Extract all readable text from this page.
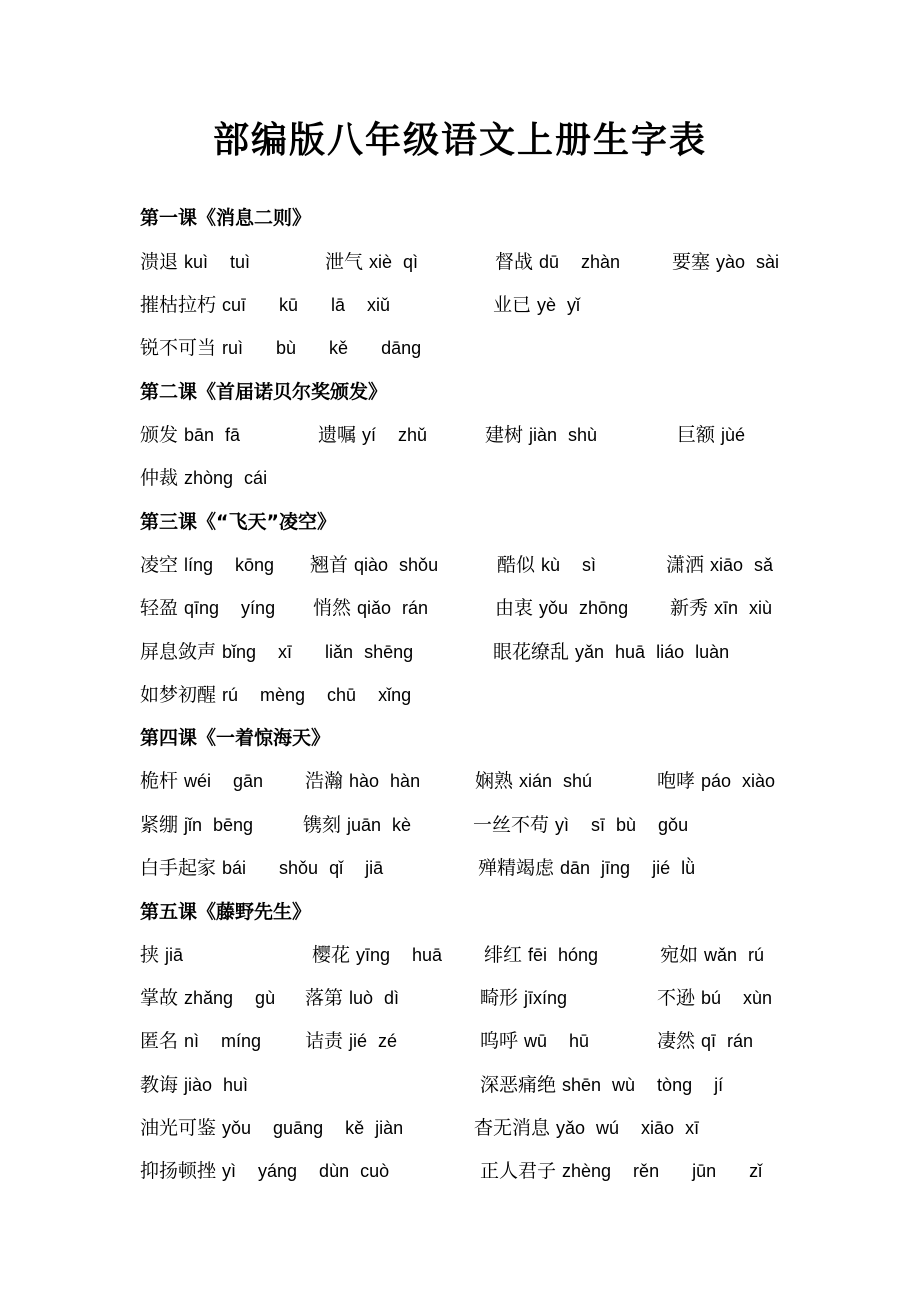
部编版八年级语文上册生字表
第一课《消息二则》
溃退 kuì  tuì	泄气 xiè qì	督战 dū  zhàn	要塞 yào sài
摧枯拉朽 cuī   kū   lā  xiǔ	业已 yè yǐ
锐不可当 ruì   bù   kě   dāng
第二课《首届诺贝尔奖颁发》
颁发 bān fā	遗嘱 yí  zhǔ	建树 jiàn shù	巨额 jùé
仲裁 zhòng cái
第三课《“飞天”凌空》
凌空 líng  kōng 翘首 qiào shǒu	酷似 kù  sì	潇洒 xiāo sǎ
轻盈 qīng  yíng 悄然 qiǎo rán	由衷 yǒu zhōng 新秀 xīn xiù
屏息敛声 bǐng  xī   liǎn shēng	眼花缭乱 yǎn huā liáo luàn
如梦初醒 rú  mèng  chū  xǐng
第四课《一着惊海天》
桅杆 wéi  gān 浩瀚 hào hàn	娴熟 xián shú	咆哮 páo xiào
紧绷 jǐn bēng	镌刻 juān kè	一丝不苟 yì  sī bù  gǒu
白手起家 bái   shǒu qǐ  jiā	殚精竭虑 dān jīng  jié lǜ
第五课《藤野先生》
挟 jiā	樱花 yīng  huā 绯红 fēi hóng	宛如 wǎn rú
掌故 zhǎng  gù 落第 luò dì	畸形 jīxíng	不逊 bú  xùn
匿名 nì  míng 诘责 jié zé	呜呼 wū  hū	凄然 qī rán
教诲 jiào huì	深恶痛绝 shēn wù  tòng  jí
油光可鉴 yǒu  guāng  kě jiàn	杳无消息 yǎo wú  xiāo xī
抑扬顿挫 yì  yáng  dùn cuò	正人君子 zhèng  rěn   jūn   zǐ
